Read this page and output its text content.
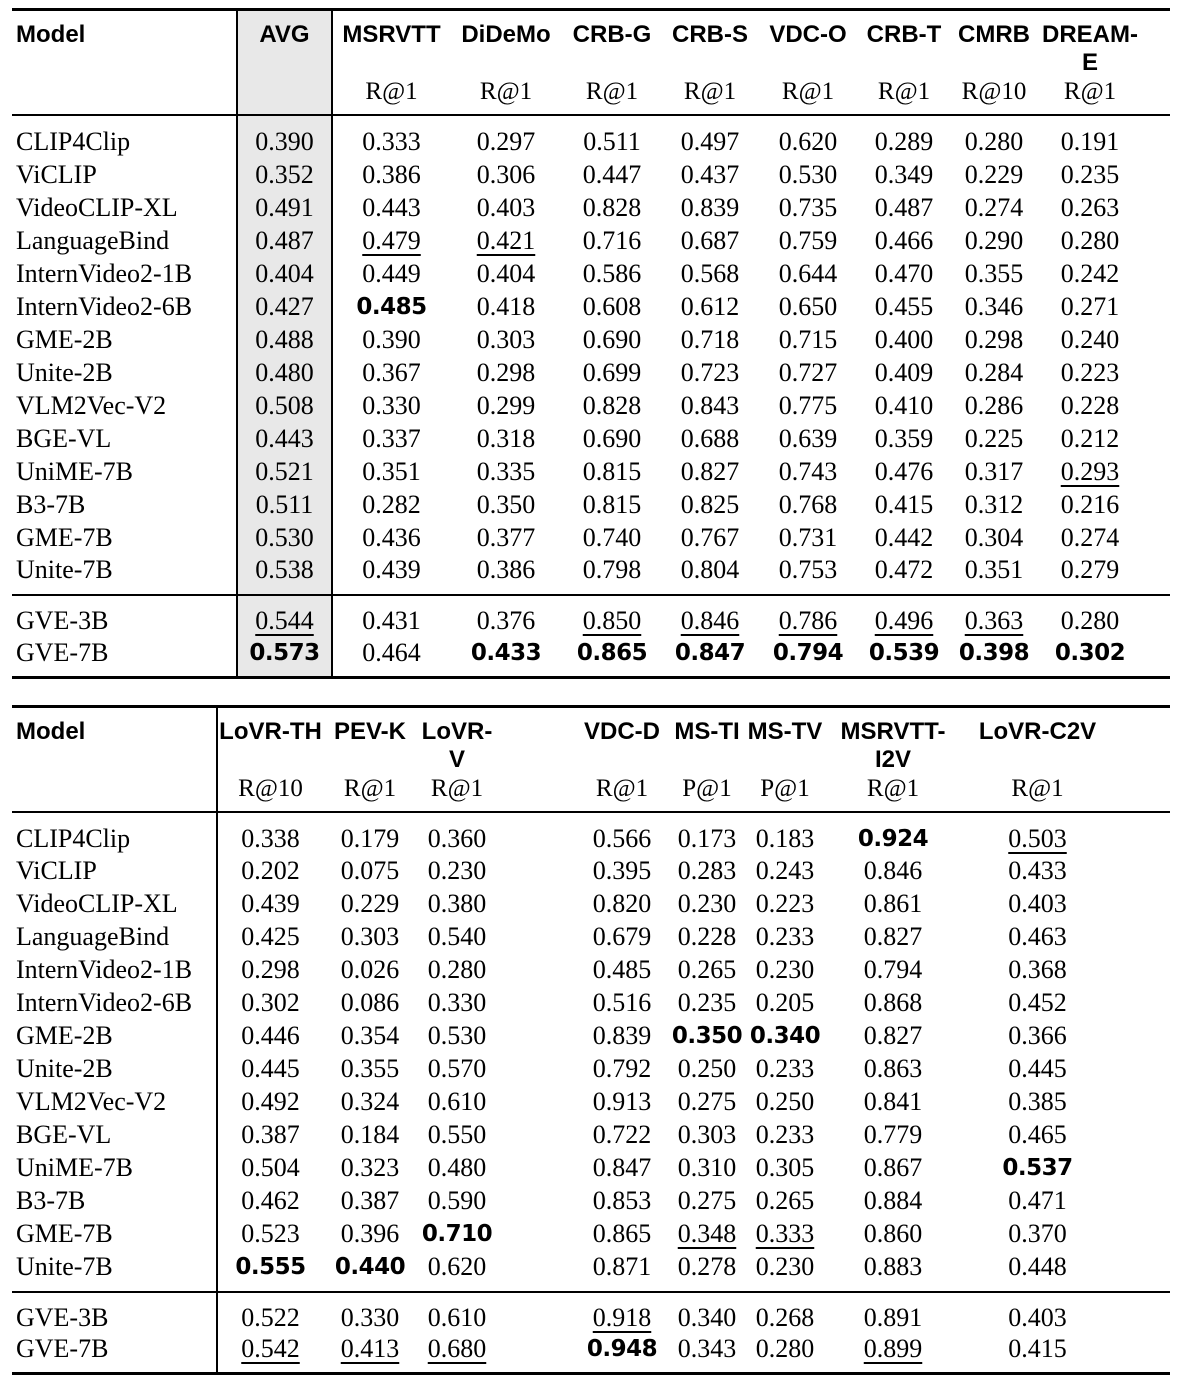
Model	AVG	MSRVTT	DiDeMo	CRB-G	CRB-S	VDC-O	CRB-T	CMRB	DREAM-E
		R@1	R@1	R@1	R@1	R@1	R@1	R@10	R@1
CLIP4Clip	0.390	0.333	0.297	0.511	0.497	0.620	0.289	0.280	0.191
ViCLIP	0.352	0.386	0.306	0.447	0.437	0.530	0.349	0.229	0.235
VideoCLIP-XL	0.491	0.443	0.403	0.828	0.839	0.735	0.487	0.274	0.263
LanguageBind	0.487	0.479	0.421	0.716	0.687	0.759	0.466	0.290	0.280
InternVideo2-1B	0.404	0.449	0.404	0.586	0.568	0.644	0.470	0.355	0.242
InternVideo2-6B	0.427	0.485	0.418	0.608	0.612	0.650	0.455	0.346	0.271
GME-2B	0.488	0.390	0.303	0.690	0.718	0.715	0.400	0.298	0.240
Unite-2B	0.480	0.367	0.298	0.699	0.723	0.727	0.409	0.284	0.223
VLM2Vec-V2	0.508	0.330	0.299	0.828	0.843	0.775	0.410	0.286	0.228
BGE-VL	0.443	0.337	0.318	0.690	0.688	0.639	0.359	0.225	0.212
UniME-7B	0.521	0.351	0.335	0.815	0.827	0.743	0.476	0.317	0.293
B3-7B	0.511	0.282	0.350	0.815	0.825	0.768	0.415	0.312	0.216
GME-7B	0.530	0.436	0.377	0.740	0.767	0.731	0.442	0.304	0.274
Unite-7B	0.538	0.439	0.386	0.798	0.804	0.753	0.472	0.351	0.279
GVE-3B	0.544	0.431	0.376	0.850	0.846	0.786	0.496	0.363	0.280
GVE-7B	0.573	0.464	0.433	0.865	0.847	0.794	0.539	0.398	0.302
Model	LoVR-TH	PEV-K	LoVR-V	VDC-D	MS-TI	MS-TV	MSRVTT-I2V	LoVR-C2V
	R@10	R@1	R@1	R@1	P@1	P@1	R@1	R@1
CLIP4Clip	0.338	0.179	0.360	0.566	0.173	0.183	0.924	0.503
ViCLIP	0.202	0.075	0.230	0.395	0.283	0.243	0.846	0.433
VideoCLIP-XL	0.439	0.229	0.380	0.820	0.230	0.223	0.861	0.403
LanguageBind	0.425	0.303	0.540	0.679	0.228	0.233	0.827	0.463
InternVideo2-1B	0.298	0.026	0.280	0.485	0.265	0.230	0.794	0.368
InternVideo2-6B	0.302	0.086	0.330	0.516	0.235	0.205	0.868	0.452
GME-2B	0.446	0.354	0.530	0.839	0.350	0.340	0.827	0.366
Unite-2B	0.445	0.355	0.570	0.792	0.250	0.233	0.863	0.445
VLM2Vec-V2	0.492	0.324	0.610	0.913	0.275	0.250	0.841	0.385
BGE-VL	0.387	0.184	0.550	0.722	0.303	0.233	0.779	0.465
UniME-7B	0.504	0.323	0.480	0.847	0.310	0.305	0.867	0.537
B3-7B	0.462	0.387	0.590	0.853	0.275	0.265	0.884	0.471
GME-7B	0.523	0.396	0.710	0.865	0.348	0.333	0.860	0.370
Unite-7B	0.555	0.440	0.620	0.871	0.278	0.230	0.883	0.448
GVE-3B	0.522	0.330	0.610	0.918	0.340	0.268	0.891	0.403
GVE-7B	0.542	0.413	0.680	0.948	0.343	0.280	0.899	0.415
